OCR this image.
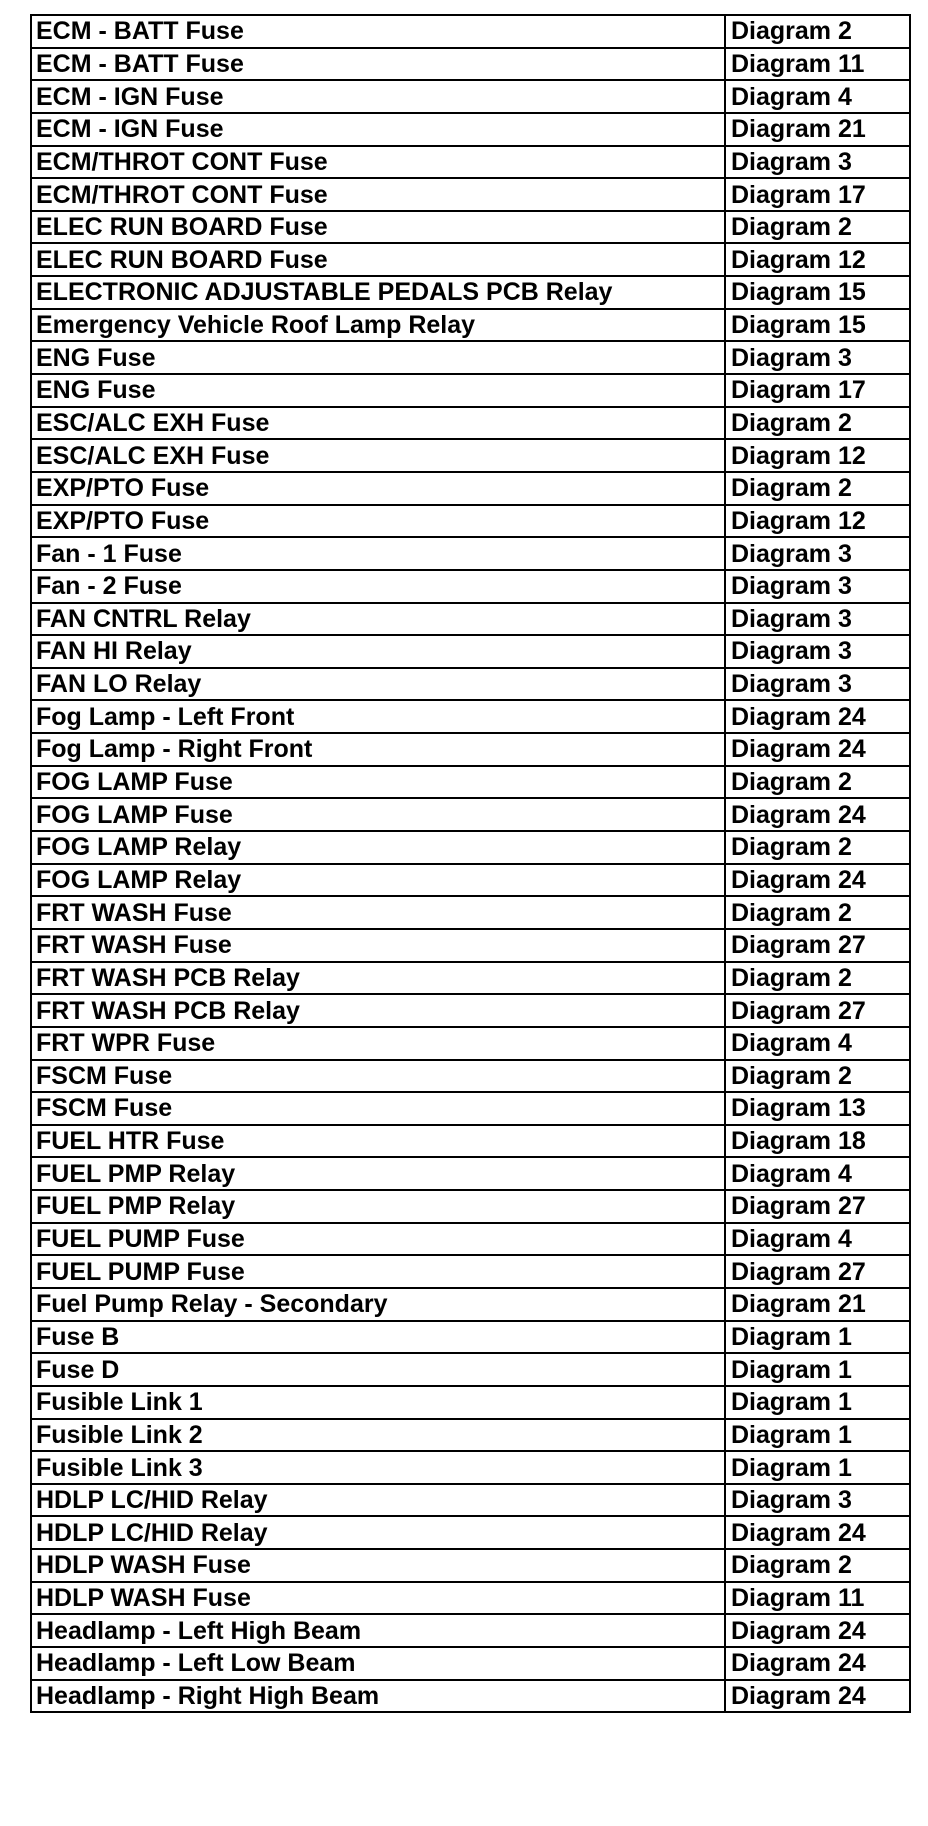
ECM - BATT Fuse	Diagram 2
ECM - BATT Fuse	Diagram 11
ECM - IGN Fuse	Diagram 4
ECM - IGN Fuse	Diagram 21
ECM/THROT CONT Fuse	Diagram 3
ECM/THROT CONT Fuse	Diagram 17
ELEC RUN BOARD Fuse	Diagram 2
ELEC RUN BOARD Fuse	Diagram 12
ELECTRONIC ADJUSTABLE PEDALS PCB Relay	Diagram 15
Emergency Vehicle Roof Lamp Relay	Diagram 15
ENG Fuse	Diagram 3
ENG Fuse	Diagram 17
ESC/ALC EXH Fuse	Diagram 2
ESC/ALC EXH Fuse	Diagram 12
EXP/PTO Fuse	Diagram 2
EXP/PTO Fuse	Diagram 12
Fan - 1 Fuse	Diagram 3
Fan - 2 Fuse	Diagram 3
FAN CNTRL Relay	Diagram 3
FAN HI Relay	Diagram 3
FAN LO Relay	Diagram 3
Fog Lamp - Left Front	Diagram 24
Fog Lamp - Right Front	Diagram 24
FOG LAMP Fuse	Diagram 2
FOG LAMP Fuse	Diagram 24
FOG LAMP Relay	Diagram 2
FOG LAMP Relay	Diagram 24
FRT WASH Fuse	Diagram 2
FRT WASH Fuse	Diagram 27
FRT WASH PCB Relay	Diagram 2
FRT WASH PCB Relay	Diagram 27
FRT WPR Fuse	Diagram 4
FSCM Fuse	Diagram 2
FSCM Fuse	Diagram 13
FUEL HTR Fuse	Diagram 18
FUEL PMP Relay	Diagram 4
FUEL PMP Relay	Diagram 27
FUEL PUMP Fuse	Diagram 4
FUEL PUMP Fuse	Diagram 27
Fuel Pump Relay - Secondary	Diagram 21
Fuse B	Diagram 1
Fuse D	Diagram 1
Fusible Link 1	Diagram 1
Fusible Link 2	Diagram 1
Fusible Link 3	Diagram 1
HDLP LC/HID Relay	Diagram 3
HDLP LC/HID Relay	Diagram 24
HDLP WASH Fuse	Diagram 2
HDLP WASH Fuse	Diagram 11
Headlamp - Left High Beam	Diagram 24
Headlamp - Left Low Beam	Diagram 24
Headlamp - Right High Beam	Diagram 24
